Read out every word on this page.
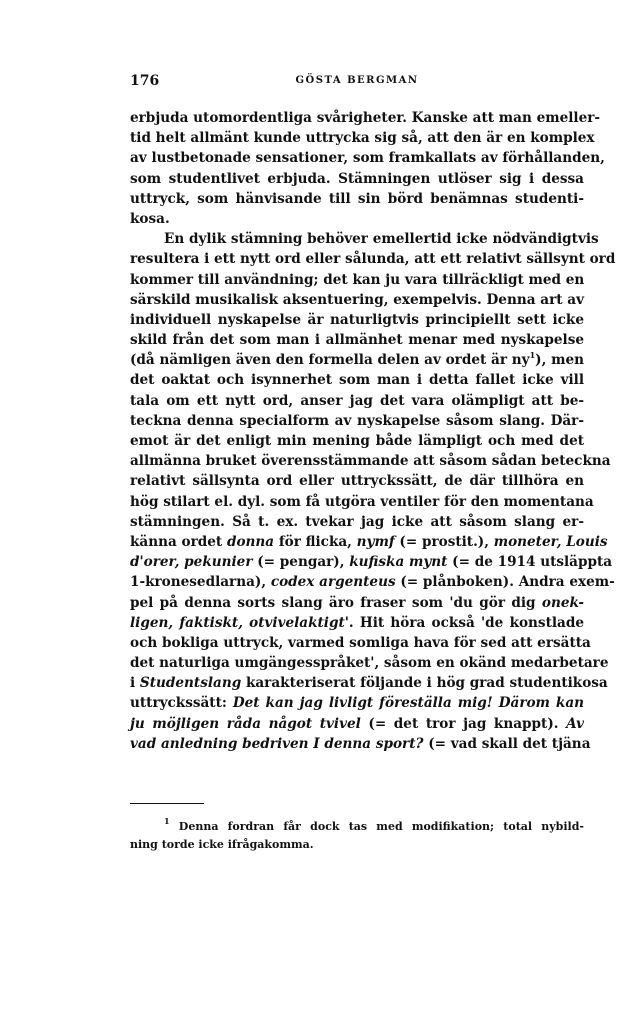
176	GÖSTA BERGMAN
erbjuda utomordentliga svårigheter. Kanske att man emeller-
tid helt allmänt kunde uttrycka sig så, att den är en komplex
av lustbetonade sensationer, som framkallats av förhållanden,
som studentlivet erbjuda. Stämningen utlöser sig i dessa
uttryck, som hänvisande till sin börd benämnas studenti-
kosa.
En dylik stämning behöver emellertid icke nödvändigtvis
resultera i ett nytt ord eller sålunda, att ett relativt sällsynt ord
kommer till användning; det kan ju vara tillräckligt med en
särskild musikalisk aksentuering, exempelvis. Denna art av
individuell nyskapelse är naturligtvis principiellt sett icke
skild från det som man i allmänhet menar med nyskapelse
(då nämligen även den formella delen av ordet är $ny^1$), men
det oaktat och isynnerhet som man i detta fallet icke vill
tala om ett nytt ord, anser jag det vara olämpligt att be-
teckna denna specialform av nyskapelse såsom slang. Där-
emot är det enligt min mening både lämpligt och med det
allmänna bruket överensstämmande att såsom sådan beteckna
relativt sällsynta ord eller uttryckssätt, de där tillhöra en
hög stilart el. dyl. som få utgöra ventiler för den momentana
stämningen. Så t. ex. tvekar jag icke att såsom slang er-
känna ordet donna för flicka, nymf (= prostit.), moneter, Louis
d'orer, pekunier (= pengar), kufiska mynt (= de 1914 utsläppta
1-kronesedlarna), codex argenteus (= plånboken). Andra exem-
pel på denna sorts slang äro fraser som 'du gör dig onek-
ligen, faktiskt, otvivelaktigt'. Hit höra också 'de konstlade
och bokliga uttryck, varmed somliga hava för sed att ersätta
det naturliga umgängesspråket', såsom en okänd medarbetare
i Studentslang karakteriserat följande i hög grad studentikosa
uttryckssätt: Det kan jag livligt föreställa mig! Därom kan
ju möjligen råda något tvivel (= det tror jag knappt). Av
vad anledning bedriven I denna sport? (= vad skall det tjäna
$^1$ Denna fordran får dock tas med modifikation; total nybild-
ning torde icke ifrågakomma.
